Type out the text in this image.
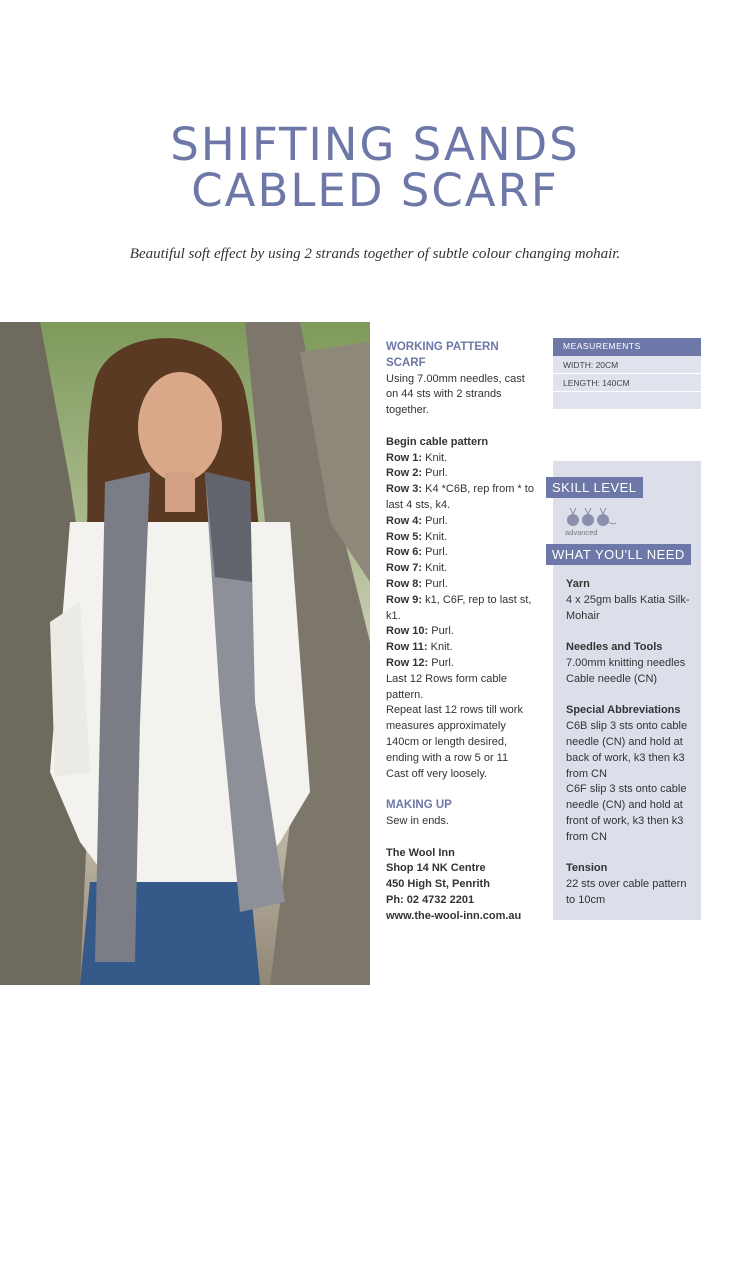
SHIFTING SANDS
CABLED SCARF
Beautiful soft effect by using 2 strands together of subtle colour changing mohair.
62 Creative Knitting

WORKING PATTERN

SCARF

Using 7.00mm needles, cast on 44 sts with 2 strands together.

Begin cable pattern

Row 1: Knit.

Row 2: Purl.

Row 3: K4 *C6B, rep from * to last 4 sts, k4.

Row 4: Purl.

Row 5: Knit.

Row 6: Purl.

Row 7: Knit.

Row 8: Purl.

Row 9: k1, C6F, rep to last st, k1.

Row 10: Purl.

Row 11: Knit.

Row 12: Purl.

Last 12 Rows form cable pattern.

Repeat last 12 rows till work measures approximately 140cm or length desired, ending with a row 5 or 11

Cast off very loosely.

MAKING UP

Sew in ends.

The Wool Inn

Shop 14 NK Centre

450 High St, Penrith

Ph: 02 4732 2201

www.the-wool-inn.com.au

MEASUREMENTS
WIDTH: 20CM
LENGTH: 140CM
SKILL LEVEL
advanced
WHAT YOU'LL NEED

Yarn

4 x 25gm balls Katia Silk-Mohair

Needles and Tools

7.00mm knitting needles

Cable needle (CN)

Special Abbreviations

C6B slip 3 sts onto cable needle (CN) and hold at back of work, k3 then k3 from CN

C6F slip 3 sts onto cable needle (CN) and hold at front of work, k3 then k3 from CN

Tension

22 sts over cable pattern to 10cm
